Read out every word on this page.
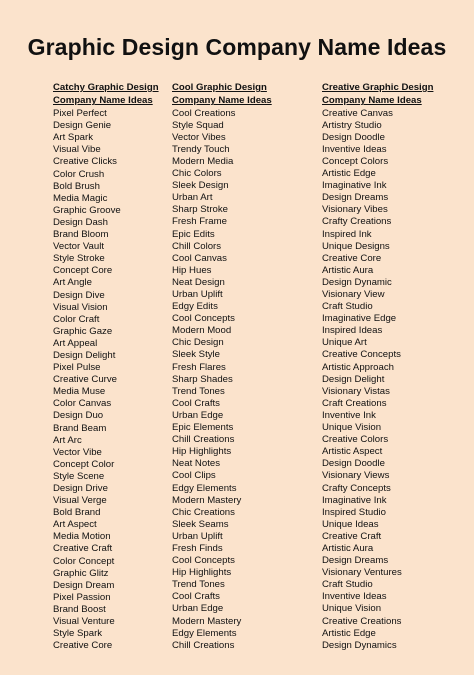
Graphic Design Company Name Ideas
Catchy Graphic Design
Company Name Ideas
Pixel Perfect
Design Genie
Art Spark
Visual Vibe
Creative Clicks
Color Crush
Bold Brush
Media Magic
Graphic Groove
Design Dash
Brand Bloom
Vector Vault
Style Stroke
Concept Core
Art Angle
Design Dive
Visual Vision
Color Craft
Graphic Gaze
Art Appeal
Design Delight
Pixel Pulse
Creative Curve
Media Muse
Color Canvas
Design Duo
Brand Beam
Art Arc
Vector Vibe
Concept Color
Style Scene
Design Drive
Visual Verge
Bold Brand
Art Aspect
Media Motion
Creative Craft
Color Concept
Graphic Glitz
Design Dream
Pixel Passion
Brand Boost
Visual Venture
Style Spark
Creative Core
Cool Graphic Design
Company Name Ideas
Cool Creations
Style Squad
Vector Vibes
Trendy Touch
Modern Media
Chic Colors
Sleek Design
Urban Art
Sharp Stroke
Fresh Frame
Epic Edits
Chill Colors
Cool Canvas
Hip Hues
Neat Design
Urban Uplift
Edgy Edits
Cool Concepts
Modern Mood
Chic Design
Sleek Style
Fresh Flares
Sharp Shades
Trend Tones
Cool Crafts
Urban Edge
Epic Elements
Chill Creations
Hip Highlights
Neat Notes
Cool Clips
Edgy Elements
Modern Mastery
Chic Creations
Sleek Seams
Urban Uplift
Fresh Finds
Cool Concepts
Hip Highlights
Trend Tones
Cool Crafts
Urban Edge
Modern Mastery
Edgy Elements
Chill Creations
Creative Graphic Design
Company Name Ideas
Creative Canvas
Artistry Studio
Design Doodle
Inventive Ideas
Concept Colors
Artistic Edge
Imaginative Ink
Design Dreams
Visionary Vibes
Crafty Creations
Inspired Ink
Unique Designs
Creative Core
Artistic Aura
Design Dynamic
Visionary View
Craft Studio
Imaginative Edge
Inspired Ideas
Unique Art
Creative Concepts
Artistic Approach
Design Delight
Visionary Vistas
Craft Creations
Inventive Ink
Unique Vision
Creative Colors
Artistic Aspect
Design Doodle
Visionary Views
Crafty Concepts
Imaginative Ink
Inspired Studio
Unique Ideas
Creative Craft
Artistic Aura
Design Dreams
Visionary Ventures
Craft Studio
Inventive Ideas
Unique Vision
Creative Creations
Artistic Edge
Design Dynamics
